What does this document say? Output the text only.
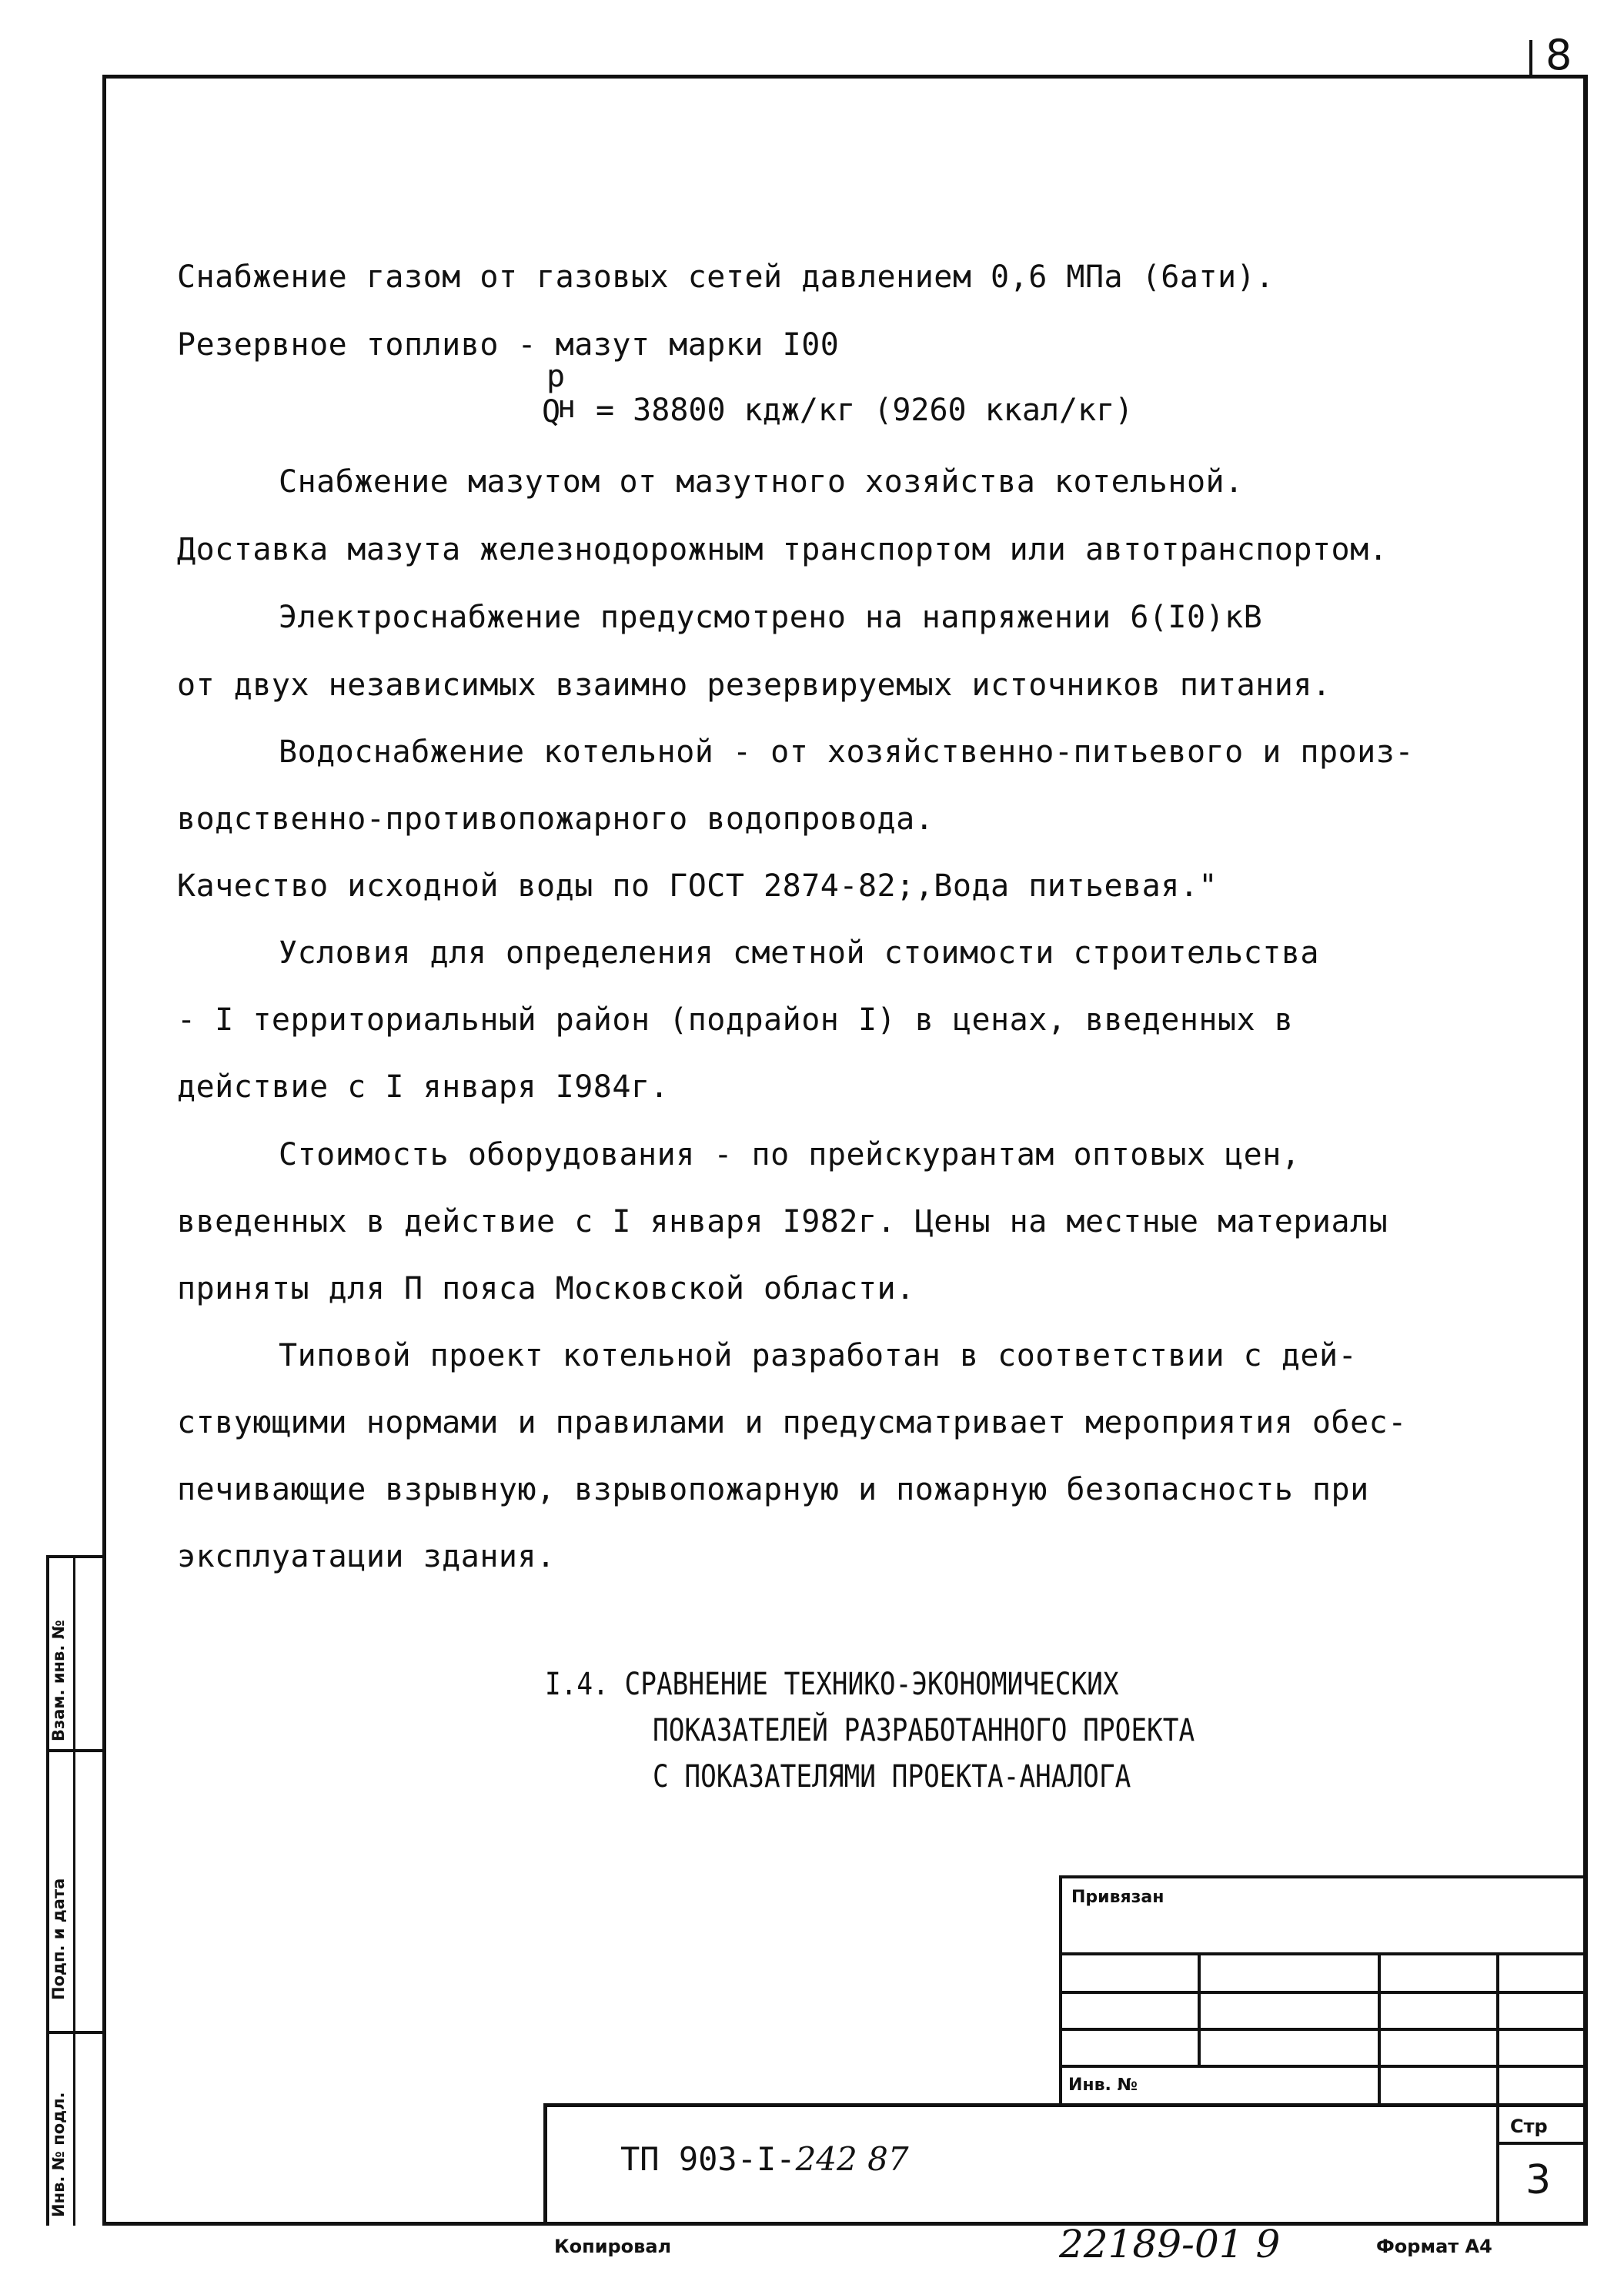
8
Взам. инв. №
Подп. и дата
Инв. № подл.
Снабжение газом от газовых сетей давлением 0,6 МПа (6ати).
Резервное топливо - мазут марки I00
р
Q
н = 38800 кдж/кг (9260 ккал/кг)
Снабжение мазутом от мазутного хозяйства котельной.
Доставка мазута железнодорожным транспортом или автотранспортом.
Электроснабжение предусмотрено на напряжении 6(I0)кВ
от двух независимых взаимно резервируемых источников питания.
Водоснабжение котельной - от хозяйственно-питьевого и произ-
водственно-противопожарного водопровода.
Качество исходной воды по ГОСТ 2874-82;,Вода питьевая."
Условия для определения сметной стоимости строительства
- I территориальный район (подрайон I) в ценах, введенных в
действие с I января I984г.
Стоимость оборудования - по прейскурантам оптовых цен,
введенных в действие с I января I982г. Цены на местные материалы
приняты для П пояса Московской области.
Типовой проект котельной разработан в соответствии с дей-
ствующими нормами и правилами и предусматривает мероприятия обес-
печивающие взрывную, взрывопожарную и пожарную безопасность при
эксплуатации здания.
I.4. СРАВНЕНИЕ ТЕХНИКО-ЭКОНОМИЧЕСКИХ
ПОКАЗАТЕЛЕЙ РАЗРАБОТАННОГО ПРОЕКТА
С ПОКАЗАТЕЛЯМИ ПРОЕКТА-АНАЛОГА
Привязан
Инв. №
Стр
3
ТП 903-I-242 87
Копировал	22189-01 9	Формат А4
